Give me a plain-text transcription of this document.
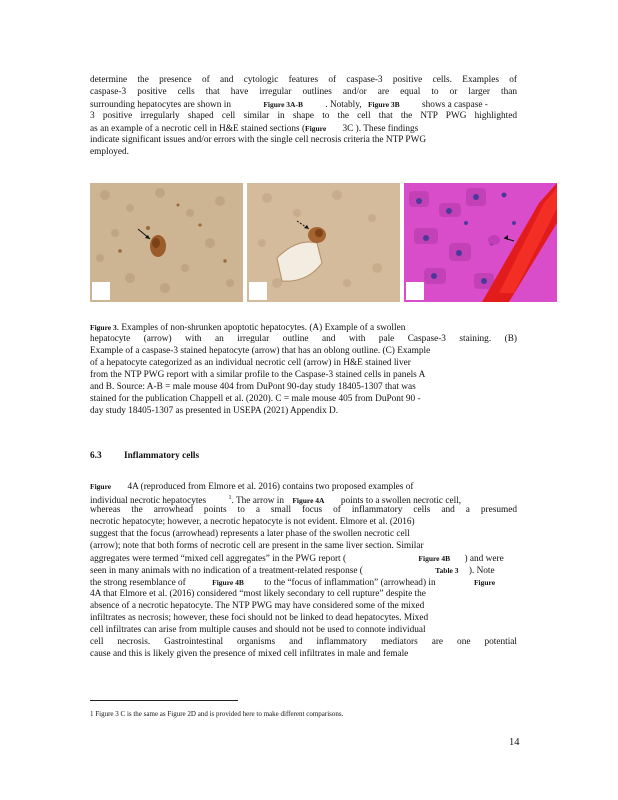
determine the presence of and cytologic features of caspase-3 positive cells. Examples of
caspase-3 positive cells that have irregular outlines and/or are equal to or larger than
surrounding hepatocytes are shown in	Figure 3A-B . Notably, Figure 3B shows a caspase -
3 positive irregularly shaped cell similar in shape to the cell that the NTP PWG highlighted
as an example of a necrotic cell in H&E stained sections (Figure 3C ). These findings
indicate significant issues and/or errors with the single cell necrosis criteria the NTP PWG
employed.
Figure 3. Examples of non-shrunken apoptotic hepatocytes. (A) Example of a swollen
hepatocyte (arrow) with an irregular outline and with pale Caspase-3 staining. (B)
Example of a caspase-3 stained hepatocyte (arrow) that has an oblong outline. (C) Example
of a hepatocyte categorized as an individual necrotic cell (arrow) in H&E stained liver
from the NTP PWG report with a similar profile to the Caspase-3 stained cells in panels A
and B. Source: A-B = male mouse 404 from DuPont 90-day study 18405-1307 that was
stained for the publication Chappell et al. (2020). C = male mouse 405 from DuPont 90 -
day study 18405-1307 as presented in USEPA (2021) Appendix D.
6.3 Inflammatory cells
Figure 4A (reproduced from Elmore et al. 2016) contains two proposed examples of
individual necrotic hepatocytes	$^1$. The arrow in Figure 4A points to a swollen necrotic cell,
whereas the arrowhead points to a small focus of inflammatory cells and a presumed
necrotic hepatocyte; however, a necrotic hepatocyte is not evident. Elmore et al. (2016)
suggest that the focus (arrowhead) represents a later phase of the swollen necrotic cell
(arrow); note that both forms of necrotic cell are present in the same liver section. Similar
aggregates were termed “mixed cell aggregates” in the PWG report (	Figure 4B ) and were
seen in many animals with no indication of a treatment-related response (	Table 3 ). Note
the strong resemblance of	Figure 4B to the “focus of inflammation” (arrowhead) in	Figure
4A that Elmore et al. (2016) considered “most likely secondary to cell rupture” despite the
absence of a necrotic hepatocyte. The NTP PWG may have considered some of the mixed
infiltrates as necrosis; however, these foci should not be linked to dead hepatocytes. Mixed
cell infiltrates can arise from multiple causes and should not be used to connote individual
cell necrosis. Gastrointestinal organisms and inflammatory mediators are one potential
cause and this is likely given the presence of mixed cell infiltrates in male and female
1 Figure 3 C is the same as Figure 2D and is provided here to make different comparisons.
14
